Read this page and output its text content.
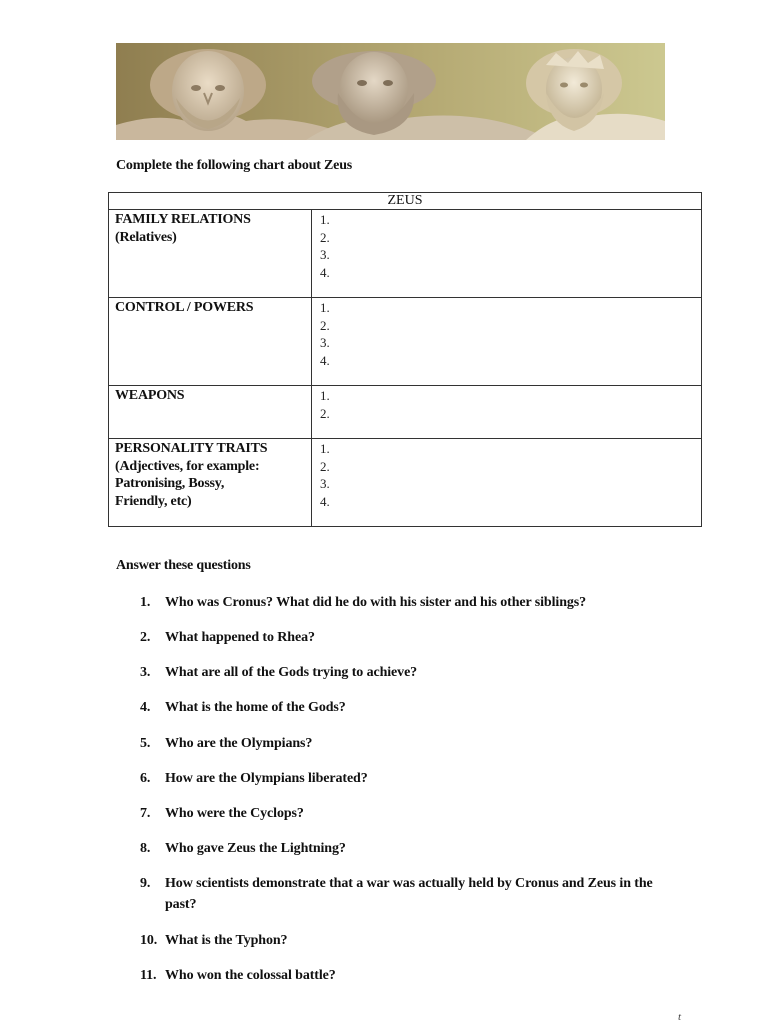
Complete the following chart about Zeus
ZEUS	

FAMILY RELATIONS
(Relatives)	1.
2.
3.
4.

CONTROL / POWERS	1.
2.
3.
4.

WEAPONS	1.
2.

PERSONALITY TRAITS
(Adjectives, for example:
Patronising, Bossy,
Friendly, etc)	1.
2.
3.
4.
Answer these questions
1. Who was Cronus? What did he do with his sister and his other siblings?
2. What happened to Rhea?
3. What are all of the Gods trying to achieve?
4. What is the home of the Gods?
5. Who are the Olympians?
6. How are the Olympians liberated?
7. Who were the Cyclops?
8. Who gave Zeus the Lightning?
9. How scientists demonstrate that a war was actually held by Cronus and Zeus in the past?
10. What is the Typhon?
11. Who won the colossal battle?
t
